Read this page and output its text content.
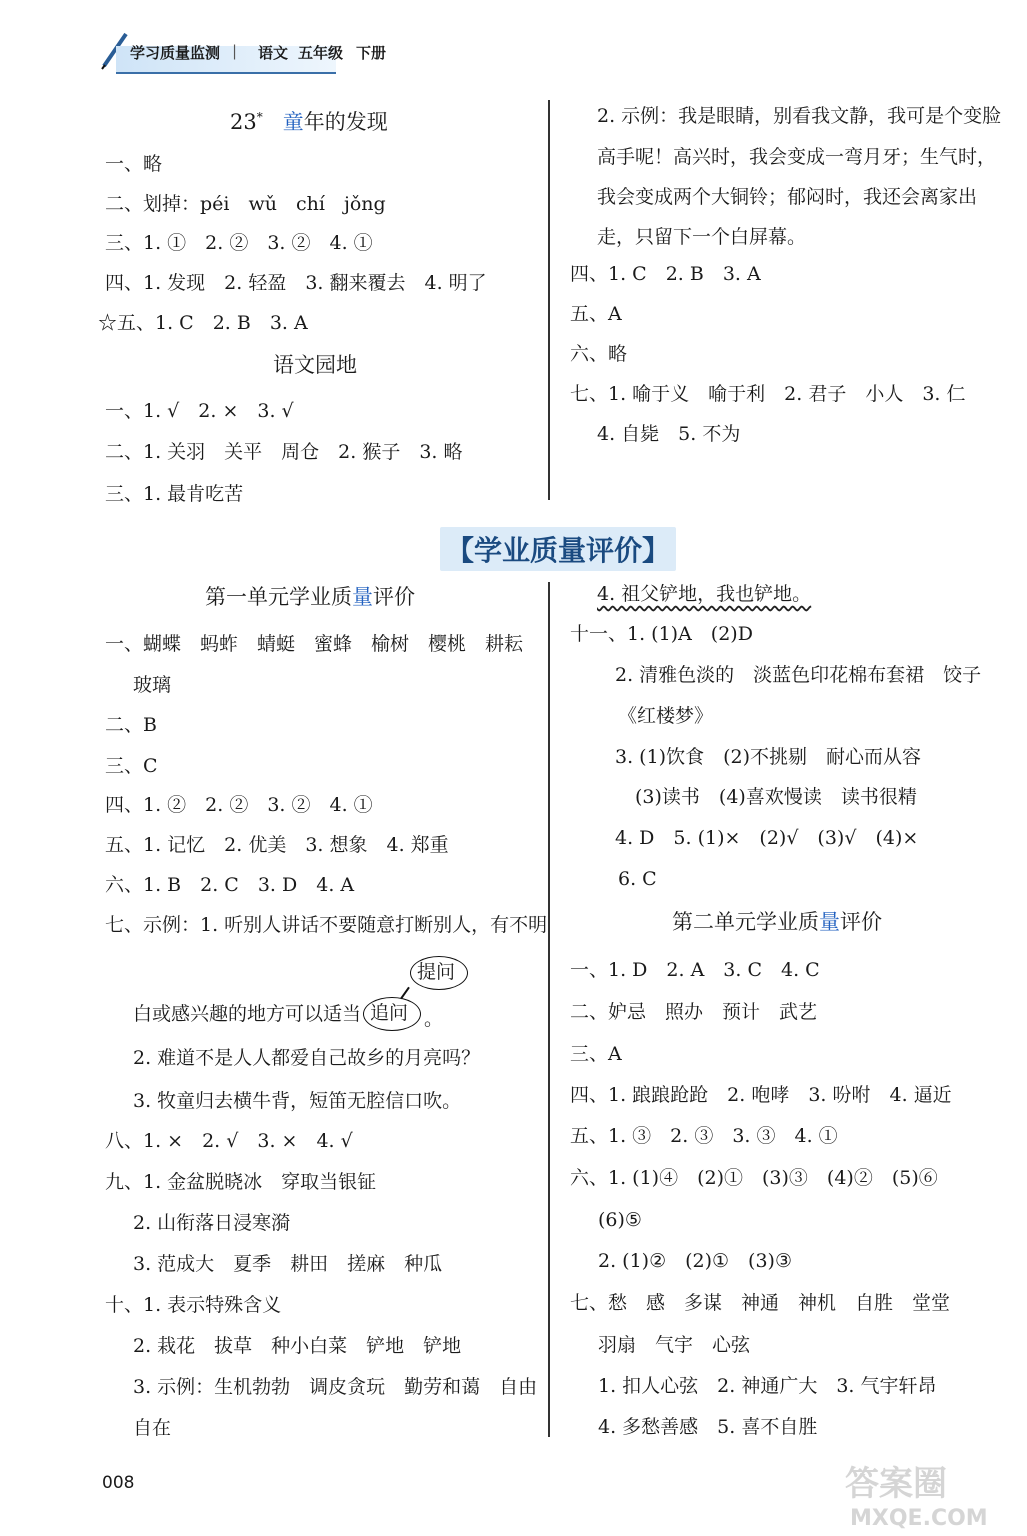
学习质量监测 | 语文 五年级 下册
23* 童年的发现
一、略
二、划掉：péi　wǔ　chí　jǒng
三、1. ①　2. ②　3. ②　4. ①
四、1. 发现　2. 轻盈　3. 翻来覆去　4. 明了
☆五、1. C　2. B　3. A
语文园地
一、1. √　2. ×　3. √
二、1. 关羽　关平　周仓　2. 猴子　3. 略
三、1. 最肯吃苦
2. 示例：我是眼睛，别看我文静，我可是个变脸
高手呢！高兴时，我会变成一弯月牙；生气时，
我会变成两个大铜铃；郁闷时，我还会离家出
走，只留下一个白屏幕。
四、1. C　2. B　3. A
五、A
六、略
七、1. 喻于义　喻于利　2. 君子　小人　3. 仁
4. 自毙　5. 不为
【学业质量评价】
第一单元学业质量评价
一、蝴蝶　蚂蚱　蜻蜓　蜜蜂　榆树　樱桃　耕耘
玻璃
二、B
三、C
四、1. ②　2. ②　3. ②　4. ①
五、1. 记忆　2. 优美　3. 想象　4. 郑重
六、1. B　2. C　3. D　4. A
七、示例：1. 听别人讲话不要随意打断别人，有不明
提问
白或感兴趣的地方可以适当 追问 。
2. 难道不是人人都爱自己故乡的月亮吗？
3. 牧童归去横牛背，短笛无腔信口吹。
八、1. ×　2. √　3. ×　4. √
九、1. 金盆脱晓冰　穿取当银钲
2. 山衔落日浸寒漪
3. 范成大　夏季　耕田　搓麻　种瓜
十、1. 表示特殊含义
2. 栽花　拔草　种小白菜　铲地　铲地
3. 示例：生机勃勃　调皮贪玩　勤劳和蔼　自由
自在
4. 祖父铲地，我也铲地。
十一、1. (1)A　(2)D
2. 清雅色淡的　淡蓝色印花棉布套裙　饺子
《红楼梦》
3. (1)饮食　(2)不挑剔　耐心而从容
(3)读书　(4)喜欢慢读　读书很精
4. D　5. (1)×　(2)√　(3)√　(4)×
6. C
第二单元学业质量评价
一、1. D　2. A　3. C　4. C
二、妒忌　照办　预计　武艺
三、A
四、1. 踉踉跄跄　2. 咆哮　3. 吩咐　4. 逼近
五、1. ③　2. ③　3. ③　4. ①
六、1. (1)④　(2)①　(3)③　(4)②　(5)⑥
(6)⑤
2. (1)②　(2)①　(3)③
七、愁　感　多谋　神通　神机　自胜　堂堂
羽扇　气宇　心弦
1. 扣人心弦　2. 神通广大　3. 气宇轩昂
4. 多愁善感　5. 喜不自胜
008	答案圈
MXQE.COM
